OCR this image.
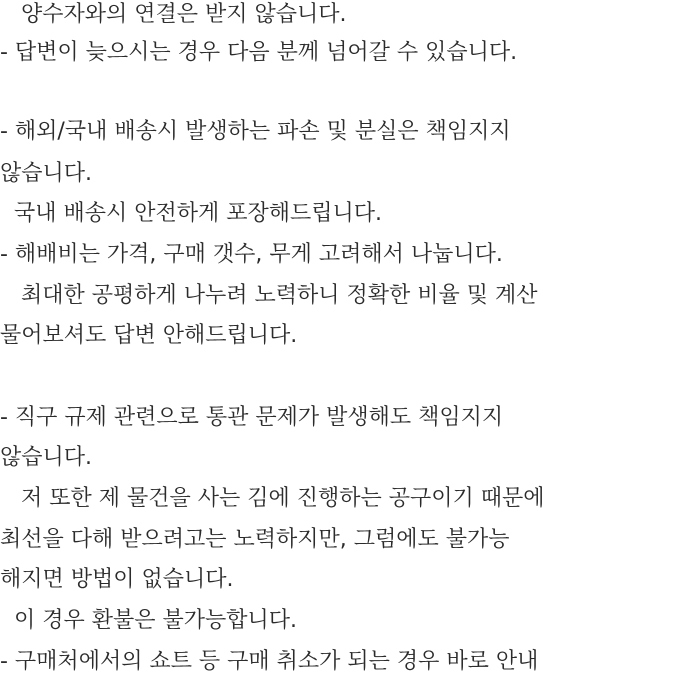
양수자와의 연결은 받지 않습니다.

- 답변이 늦으시는 경우 다음 분께 넘어갈 수 있습니다.

- 해외/국내 배송시 발생하는 파손 및 분실은 책임지지

않습니다.

국내 배송시 안전하게 포장해드립니다.

- 해배비는 가격, 구매 갯수, 무게 고려해서 나눕니다.

최대한 공평하게 나누려 노력하니 정확한 비율 및 계산

물어보셔도 답변 안해드립니다.

- 직구 규제 관련으로 통관 문제가 발생해도 책임지지

않습니다.

저 또한 제 물건을 사는 김에 진행하는 공구이기 때문에

최선을 다해 받으려고는 노력하지만, 그럼에도 불가능

해지면 방법이 없습니다.

이 경우 환불은 불가능합니다.

- 구매처에서의 쇼트 등 구매 취소가 되는 경우 바로 안내
